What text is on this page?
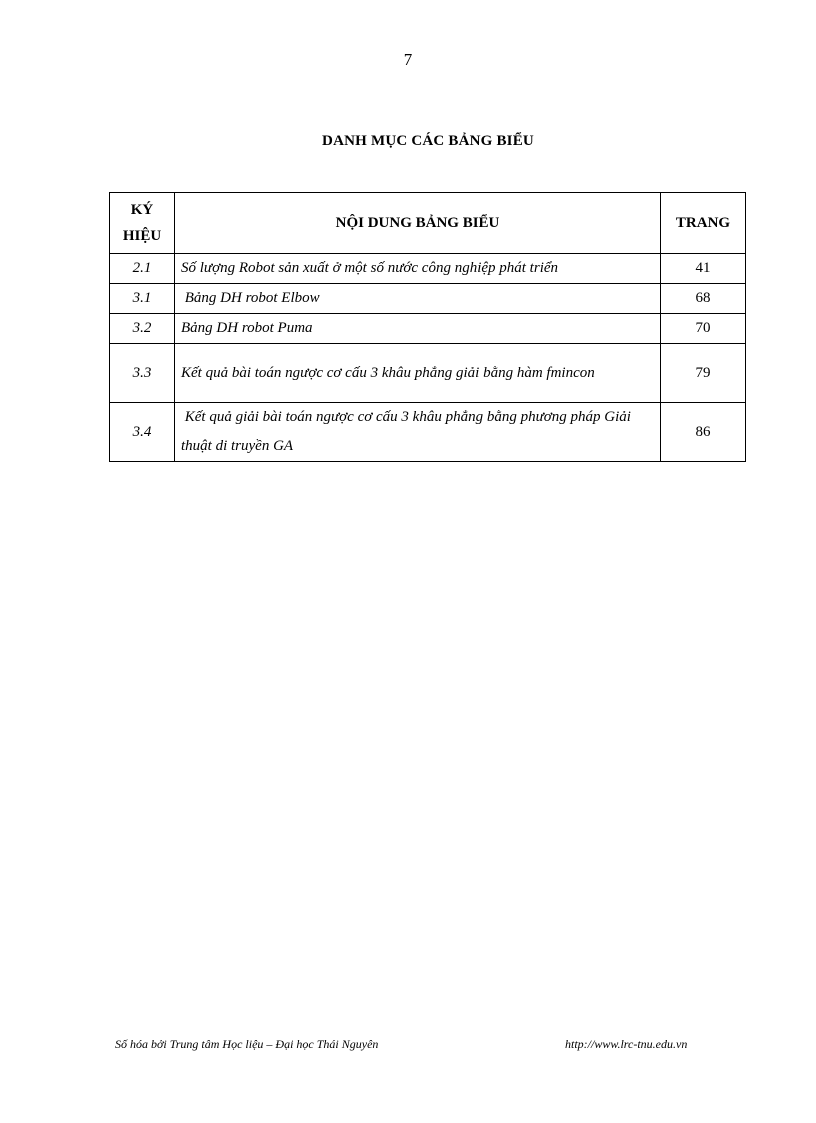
7
DANH MỤC CÁC BẢNG BIỂU
KÝ
HIỆU	NỘI DUNG BẢNG BIỂU	TRANG
2.1	Số lượng Robot sản xuất ở một số nước công nghiệp phát triển	41
3.1	Bảng DH robot Elbow	68
3.2	Bảng DH robot Puma	70
3.3	Kết quả bài toán ngược cơ cấu 3 khâu phẳng giải bằng hàm fmincon	79
3.4	Kết quả giải bài toán ngược cơ cấu 3 khâu phẳng bằng phương pháp Giải thuật di truyền GA	86
Số hóa bởi Trung tâm Học liệu – Đại học Thái Nguyên	http://www.lrc-tnu.edu.vn
